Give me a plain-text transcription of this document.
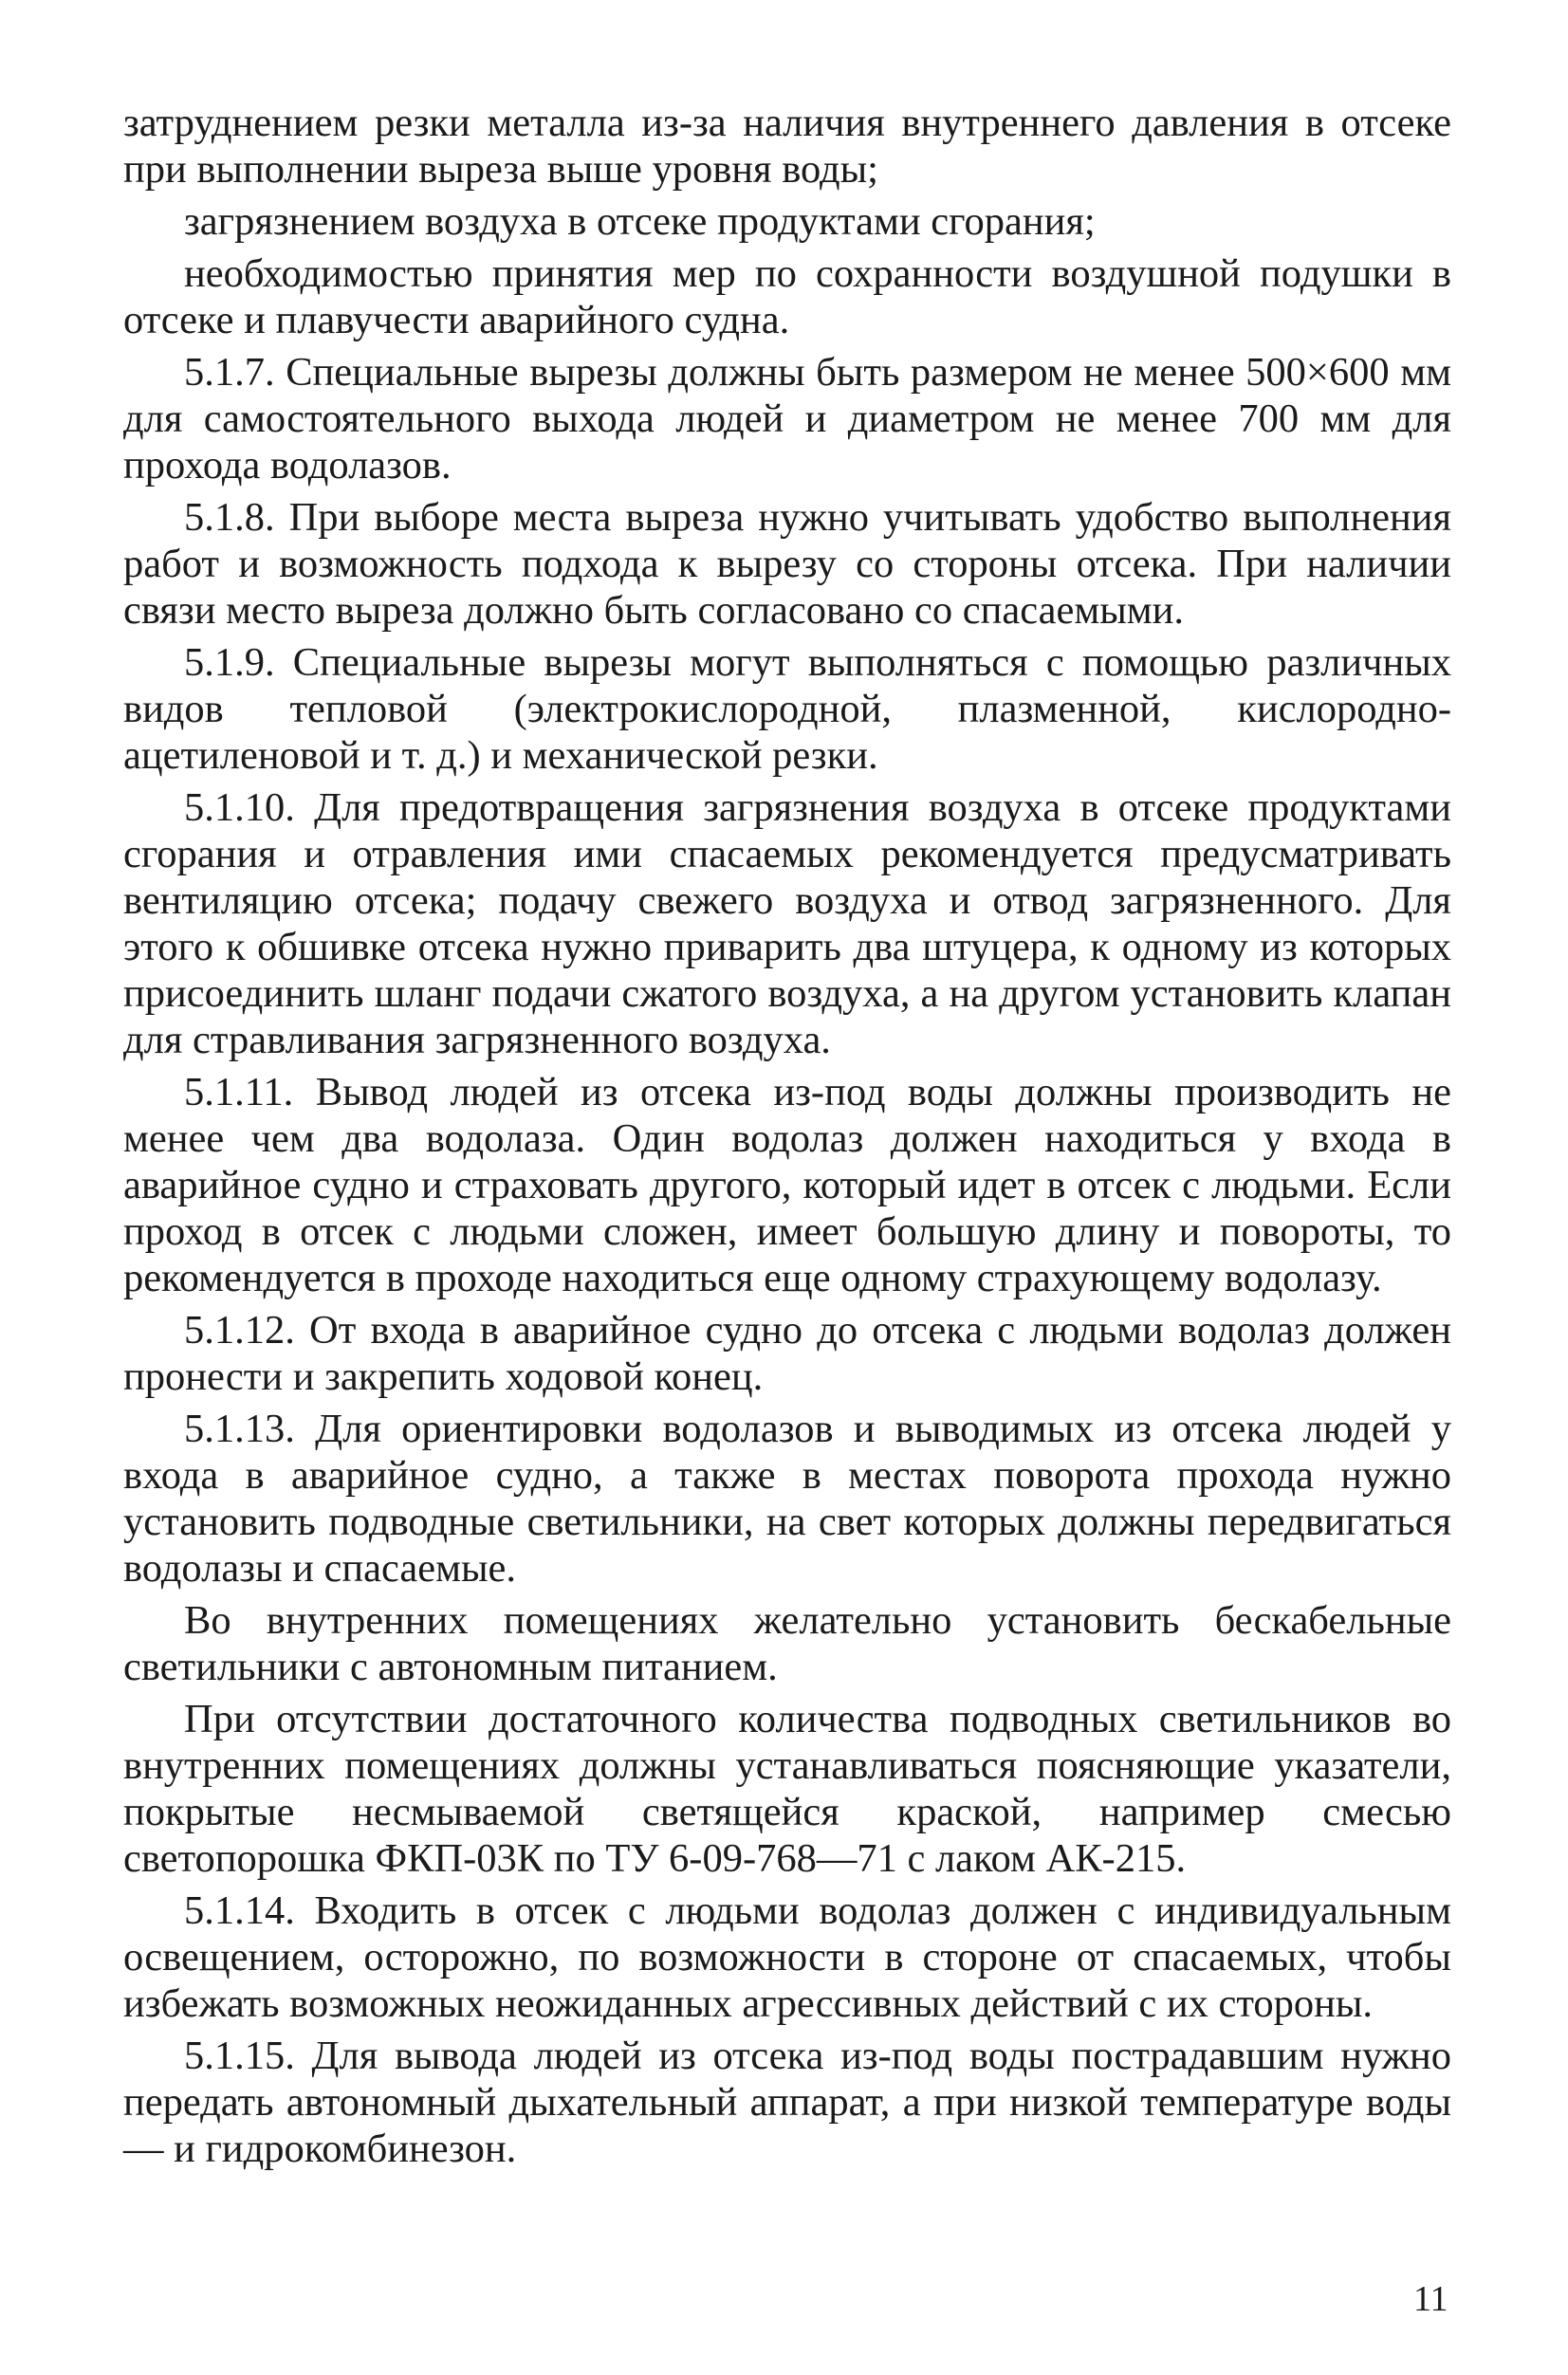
затруднением резки металла из-за наличия внутреннего давления в отсеке при выполнении выреза выше уровня воды;

загрязнением воздуха в отсеке продуктами сгорания;

необходимостью принятия мер по сохранности воздушной подушки в отсеке и плавучести аварийного судна.

5.1.7. Специальные вырезы должны быть размером не менее 500×600 мм для самостоятельного выхода людей и диаметром не менее 700 мм для прохода водолазов.

5.1.8. При выборе места выреза нужно учитывать удобство выполнения работ и возможность подхода к вырезу со стороны отсека. При наличии связи место выреза должно быть согласовано со спасаемыми.

5.1.9. Специальные вырезы могут выполняться с помощью различных видов тепловой (электрокислородной, плазменной, кислородно-ацетиленовой и т. д.) и механической резки.

5.1.10. Для предотвращения загрязнения воздуха в отсеке продуктами сгорания и отравления ими спасаемых рекомендуется предусматривать вентиляцию отсека; подачу свежего воздуха и отвод загрязненного. Для этого к обшивке отсека нужно приварить два штуцера, к одному из которых присоединить шланг подачи сжатого воздуха, а на другом установить клапан для стравливания загрязненного воздуха.

5.1.11. Вывод людей из отсека из-под воды должны производить не менее чем два водолаза. Один водолаз должен находиться у входа в аварийное судно и страховать другого, который идет в отсек с людьми. Если проход в отсек с людьми сложен, имеет большую длину и повороты, то рекомендуется в проходе находиться еще одному страхующему водолазу.

5.1.12. От входа в аварийное судно до отсека с людьми водолаз должен пронести и закрепить ходовой конец.

5.1.13. Для ориентировки водолазов и выводимых из отсека людей у входа в аварийное судно, а также в местах поворота прохода нужно установить подводные светильники, на свет которых должны передвигаться водолазы и спасаемые.

Во внутренних помещениях желательно установить бескабельные светильники с автономным питанием.

При отсутствии достаточного количества подводных светильников во внутренних помещениях должны устанавливаться поясняющие указатели, покрытые несмываемой светящейся краской, например смесью светопорошка ФКП-03К по ТУ 6-09-768—71 с лаком АК-215.

5.1.14. Входить в отсек с людьми водолаз должен с индивидуальным освещением, осторожно, по возможности в стороне от спасаемых, чтобы избежать возможных неожиданных агрессивных действий с их стороны.

5.1.15. Для вывода людей из отсека из-под воды пострадавшим нужно передать автономный дыхательный аппарат, а при низкой температуре воды — и гидрокомбинезон.

11
